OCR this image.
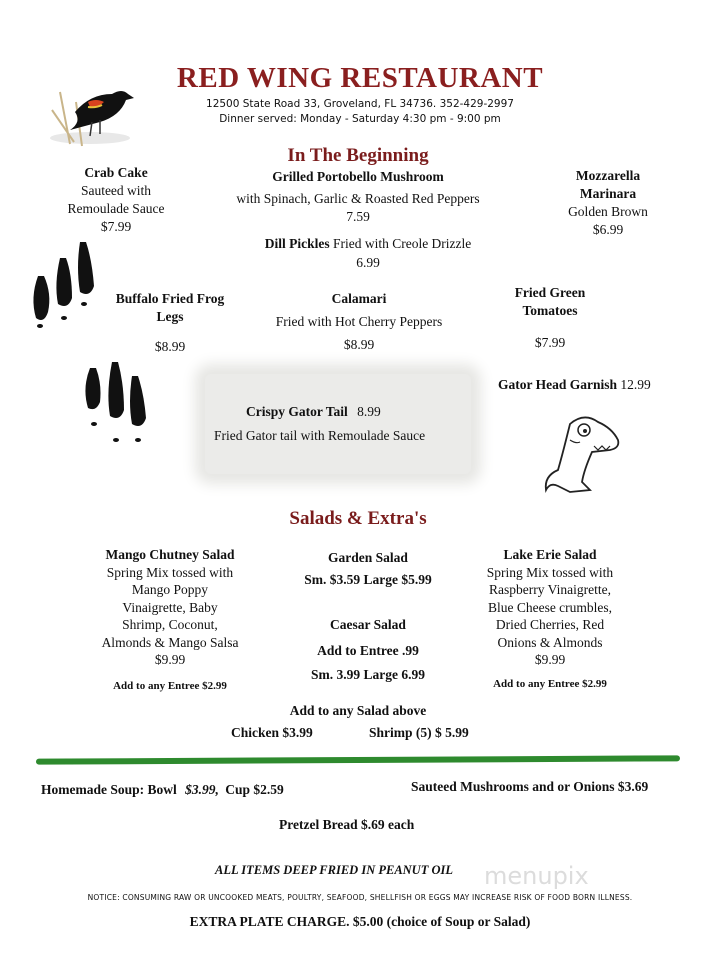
RED WING RESTAURANT
12500 State Road 33, Groveland, FL 34736. 352-429-2997
Dinner served: Monday - Saturday 4:30 pm - 9:00 pm
In The Beginning
Crab Cake
Sauteed with
Remoulade Sauce
$7.99
Grilled Portobello Mushroom
with Spinach, Garlic & Roasted Red Peppers
7.59
Mozzarella
Marinara
Golden Brown
$6.99
Dill Pickles Fried with Creole Drizzle
6.99
Buffalo Fried Frog
Legs
$8.99
Calamari
Fried with Hot Cherry Peppers
$8.99
Fried Green
Tomatoes
$7.99
Crispy Gator Tail 8.99
Fried Gator tail with Remoulade Sauce
Gator Head Garnish 12.99
Salads & Extra's
Mango Chutney Salad
Spring Mix tossed with
Mango Poppy
Vinaigrette, Baby
Shrimp, Coconut,
Almonds & Mango Salsa
$9.99
Add to any Entree $2.99
Garden Salad
Sm. $3.59 Large $5.99
Caesar Salad
Add to Entree .99
Sm. 3.99 Large 6.99
Lake Erie Salad
Spring Mix tossed with
Raspberry Vinaigrette,
Blue Cheese crumbles,
Dried Cherries, Red
Onions & Almonds
$9.99
Add to any Entree $2.99
Add to any Salad above
Chicken $3.99	Shrimp (5) $ 5.99
Homemade Soup: Bowl $3.99, Cup $2.59	Sauteed Mushrooms and or Onions $3.69
Pretzel Bread $.69 each
menupix
ALL ITEMS DEEP FRIED IN PEANUT OIL
NOTICE: CONSUMING RAW OR UNCOOKED MEATS, POULTRY, SEAFOOD, SHELLFISH OR EGGS MAY INCREASE RISK OF FOOD BORN ILLNESS.
EXTRA PLATE CHARGE. $5.00 (choice of Soup or Salad)
